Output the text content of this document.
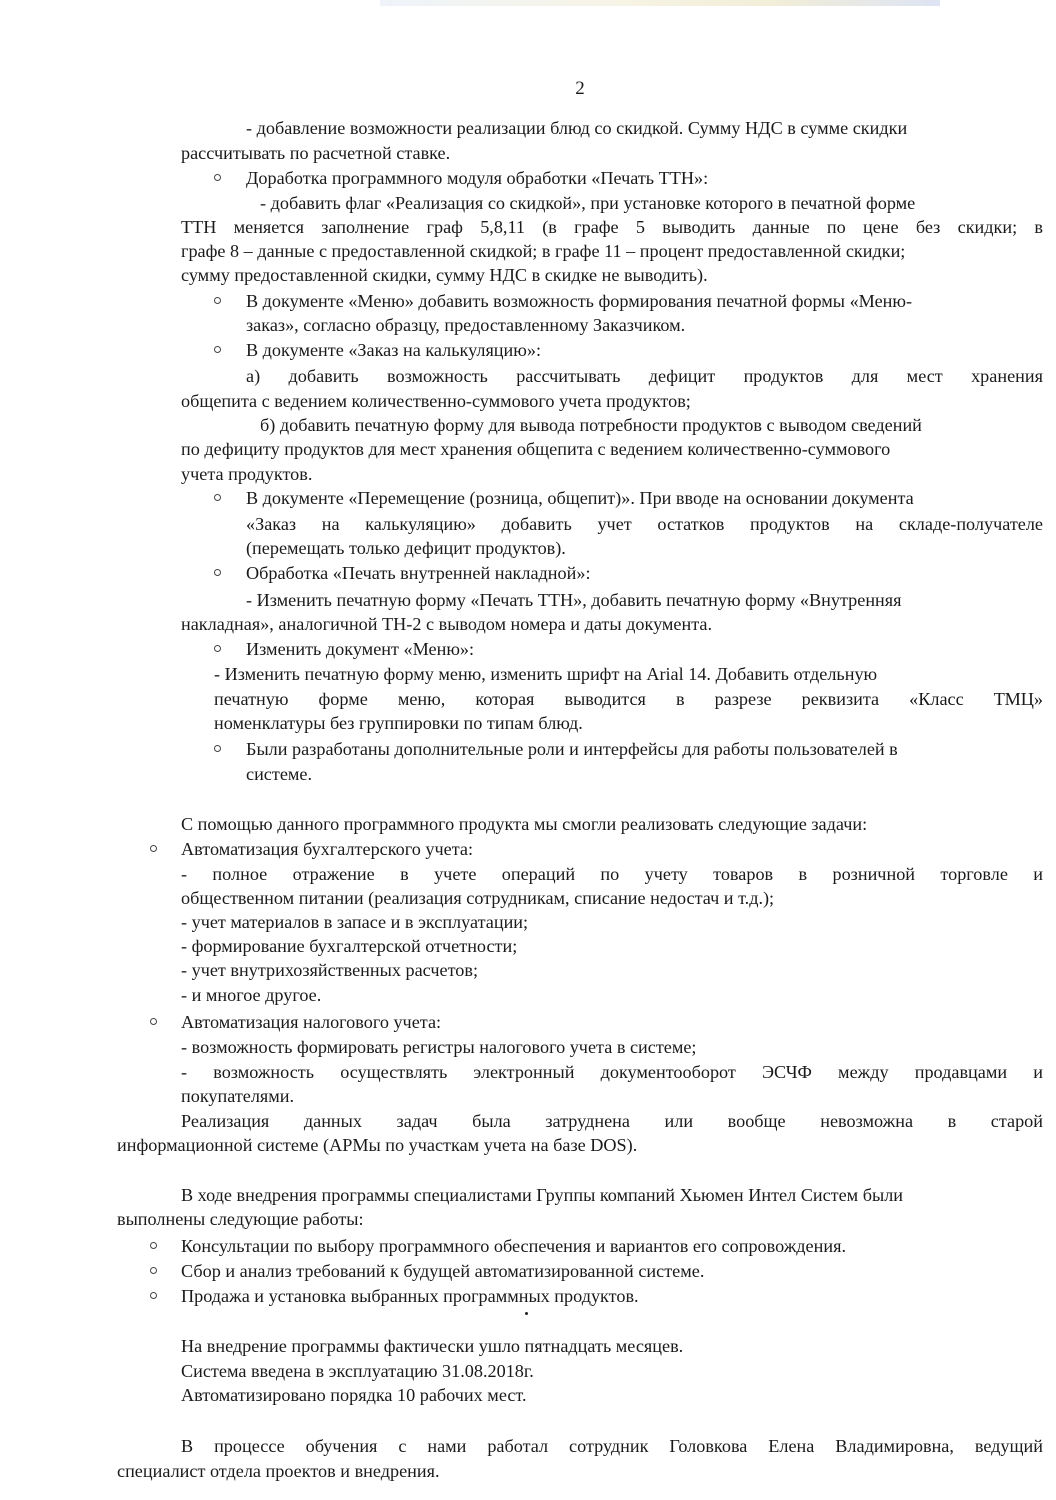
2
- добавление возможности реализации блюд со скидкой. Сумму НДС в сумме скидки
рассчитывать по расчетной ставке.
Доработка программного модуля обработки «Печать ТТН»:
- добавить флаг «Реализация со скидкой», при установке которого в печатной форме
ТТН меняется заполнение граф 5,8,11 (в графе 5 выводить данные по цене без скидки; в
графе 8 – данные с предоставленной скидкой; в графе 11 – процент предоставленной скидки;
сумму предоставленной скидки, сумму НДС в скидке не выводить).
В документе «Меню» добавить возможность формирования печатной формы «Меню-
заказ», согласно образцу, предоставленному Заказчиком.
В документе «Заказ на калькуляцию»:
а) добавить возможность рассчитывать дефицит продуктов для мест хранения
общепита с ведением количественно-суммового учета продуктов;
б) добавить печатную форму для вывода потребности продуктов с выводом сведений
по дефициту продуктов для мест хранения общепита с ведением количественно-суммового
учета продуктов.
В документе «Перемещение (розница, общепит)». При вводе на основании документа
«Заказ на калькуляцию» добавить учет остатков продуктов на складе-получателе
(перемещать только дефицит продуктов).
Обработка «Печать внутренней накладной»:
- Изменить печатную форму «Печать ТТН», добавить печатную форму «Внутренняя
накладная», аналогичной ТН-2 с выводом номера и даты документа.
Изменить документ «Меню»:
- Изменить печатную форму меню, изменить шрифт на Arial 14. Добавить отдельную
печатную форме меню, которая выводится в разрезе реквизита «Класс ТМЦ»
номенклатуры без группировки по типам блюд.
Были разработаны дополнительные роли и интерфейсы для работы пользователей в
системе.
С помощью данного программного продукта мы смогли реализовать следующие задачи:
Автоматизация бухгалтерского учета:
- полное отражение в учете операций по учету товаров в розничной торговле и
общественном питании (реализация сотрудникам, списание недостач и т.д.);
- учет материалов в запасе и в эксплуатации;
- формирование бухгалтерской отчетности;
- учет внутрихозяйственных расчетов;
- и многое другое.
Автоматизация налогового учета:
- возможность формировать регистры налогового учета в системе;
- возможность осуществлять электронный документооборот ЭСЧФ между продавцами и
покупателями.
Реализация данных задач была затруднена или вообще невозможна в старой
информационной системе (АРМы по участкам учета на базе DOS).
В ходе внедрения программы специалистами Группы компаний Хьюмен Интел Систем были
выполнены следующие работы:
Консультации по выбору программного обеспечения и вариантов его сопровождения.
Сбор и анализ требований к будущей автоматизированной системе.
Продажа и установка выбранных программных продуктов.
На внедрение программы фактически ушло пятнадцать месяцев.
Система введена в эксплуатацию 31.08.2018г.
Автоматизировано порядка 10 рабочих мест.
В процессе обучения с нами работал сотрудник Головкова Елена Владимировна, ведущий
специалист отдела проектов и внедрения.
